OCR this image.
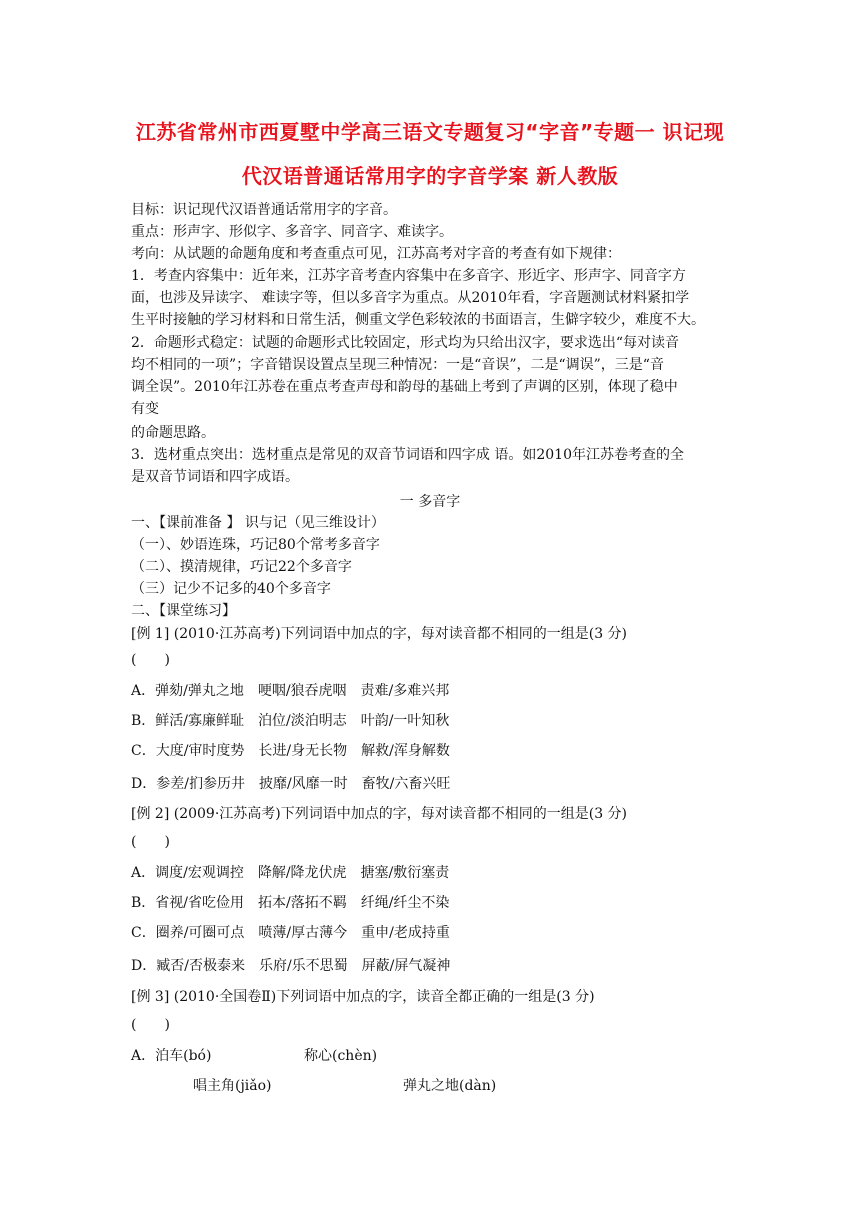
江苏省常州市西夏墅中学高三语文专题复习“字音”专题一 识记现
代汉语普通话常用字的字音学案 新人教版
目标：识记现代汉语普通话常用字的字音。
重点：形声字、形似字、多音字、同音字、难读字。
考向：从试题的命题角度和考查重点可见，江苏高考对字音的考查有如下规律：
1．考查内容集中：近年来，江苏字音考查内容集中在多音字、形近字、形声字、同音字方
面，也涉及异读字、 难读字等，但以多音字为重点。从2010年看，字音题测试材料紧扣学
生平时接触的学习材料和日常生活，侧重文学色彩较浓的书面语言，生僻字较少，难度不大。
2．命题形式稳定：试题的命题形式比较固定，形式均为只给出汉字，要求选出“每对读音
均不相同的一项”；字音错误设置点呈现三种情况：一是“音误”，二是“调误”，三是“音
调全误”。2010年江苏卷在重点考查声母和韵母的基础上考到了声调的区别，体现了稳中
有变
的命题思路。
3．选材重点突出：选材重点是常见的双音节词语和四字成 语。如2010年江苏卷考查的全
是双音节词语和四字成语。
一 多音字
一、【课前准备 】 识与记（见三维设计）
（一）、妙语连珠，巧记80个常考多音字
（二）、摸清规律，巧记22个多音字
（三）记少不记多的40个多音字
二、【课堂练习】
[例 1] (2010·江苏高考)下列词语中加点的字，每对读音都不相同的一组是(3 分)
(　　)
A．弹劾/弹丸之地　哽咽/狼吞虎咽　责难/多难兴邦
B．鲜活/寡廉鲜耻　泊位/淡泊明志　叶韵/一叶知秋
C．大度/审时度势　长进/身无长物　解救/浑身解数
D．参差/扪参历井　披靡/风靡一时　畜牧/六畜兴旺
[例 2] (2009·江苏高考)下列词语中加点的字，每对读音都不相同的一组是(3 分)
(　　)
A．调度/宏观调控　降解/降龙伏虎　搪塞/敷衍塞责
B．省视/省吃俭用　拓本/落拓不羁　纤绳/纤尘不染
C．圈养/可圈可点　喷薄/厚古薄今　重申/老成持重
D．臧否/否极泰来　乐府/乐不思蜀　屏蔽/屏气凝神
[例 3] (2010·全国卷Ⅱ)下列词语中加点的字，读音全都正确的一组是(3 分)
(　　)
A．泊车(bó)	称心(chèn)
唱主角(jiǎo)	弹丸之地(dàn)
